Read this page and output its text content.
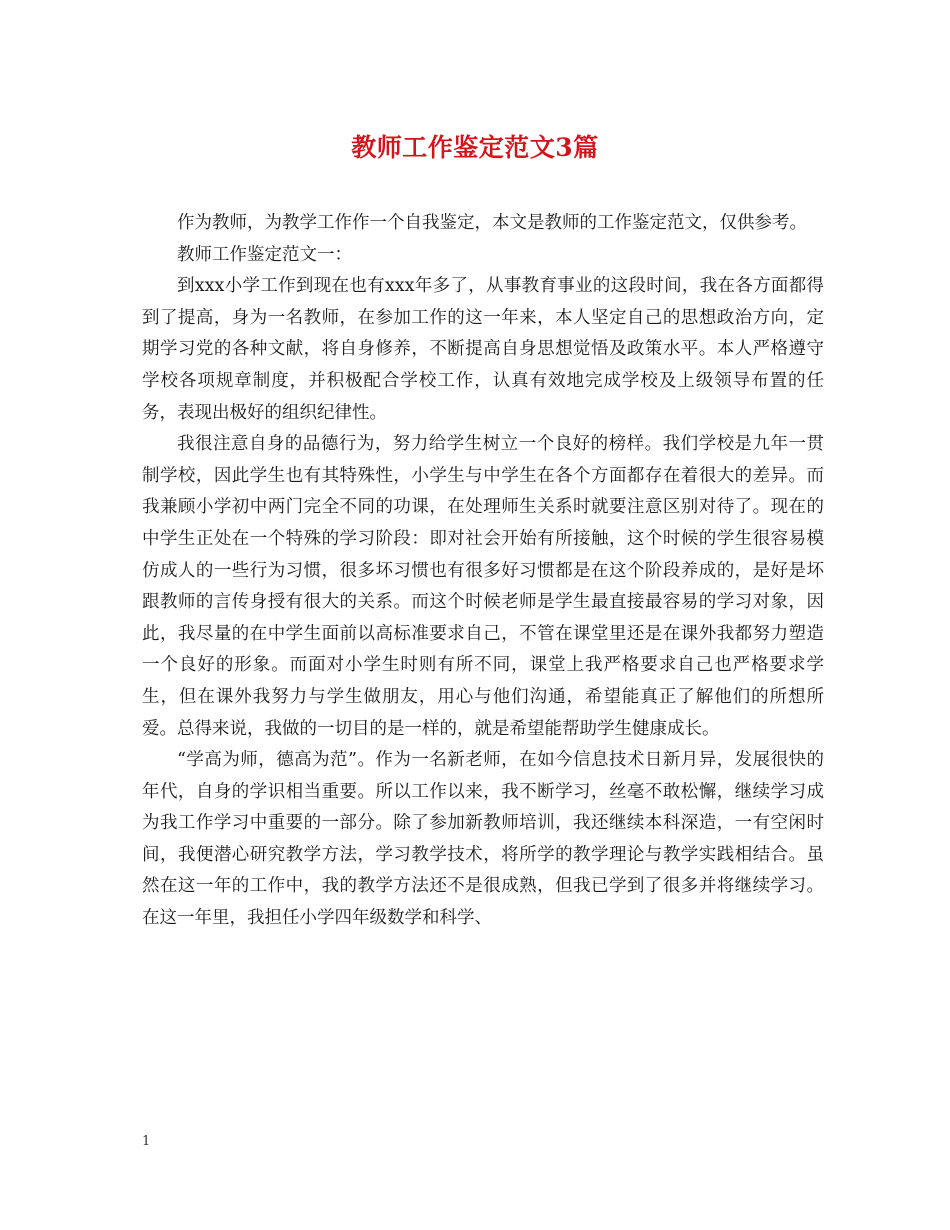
教师工作鉴定范文3篇

作为教师，为教学工作作一个自我鉴定，本文是教师的工作鉴定范文，仅供参考。

教师工作鉴定范文一：

到xxx小学工作到现在也有xxx年多了，从事教育事业的这段时间，我在各方面都得到了提高，身为一名教师，在参加工作的这一年来，本人坚定自己的思想政治方向，定期学习党的各种文献，将自身修养，不断提高自身思想觉悟及政策水平。本人严格遵守学校各项规章制度，并积极配合学校工作，认真有效地完成学校及上级领导布置的任务，表现出极好的组织纪律性。

我很注意自身的品德行为，努力给学生树立一个良好的榜样。我们学校是九年一贯制学校，因此学生也有其特殊性，小学生与中学生在各个方面都存在着很大的差异。而我兼顾小学初中两门完全不同的功课，在处理师生关系时就要注意区别对待了。现在的中学生正处在一个特殊的学习阶段：即对社会开始有所接触，这个时候的学生很容易模仿成人的一些行为习惯，很多坏习惯也有很多好习惯都是在这个阶段养成的，是好是坏跟教师的言传身授有很大的关系。而这个时候老师是学生最直接最容易的学习对象，因此，我尽量的在中学生面前以高标准要求自己，不管在课堂里还是在课外我都努力塑造一个良好的形象。而面对小学生时则有所不同，课堂上我严格要求自己也严格要求学生，但在课外我努力与学生做朋友，用心与他们沟通，希望能真正了解他们的所想所爱。总得来说，我做的一切目的是一样的，就是希望能帮助学生健康成长。

“学高为师，德高为范”。作为一名新老师，在如今信息技术日新月异，发展很快的年代，自身的学识相当重要。所以工作以来，我不断学习，丝毫不敢松懈，继续学习成为我工作学习中重要的一部分。除了参加新教师培训，我还继续本科深造，一有空闲时间，我便潜心研究教学方法，学习教学技术，将所学的教学理论与教学实践相结合。虽然在这一年的工作中，我的教学方法还不是很成熟，但我已学到了很多并将继续学习。在这一年里，我担任小学四年级数学和科学、

1
